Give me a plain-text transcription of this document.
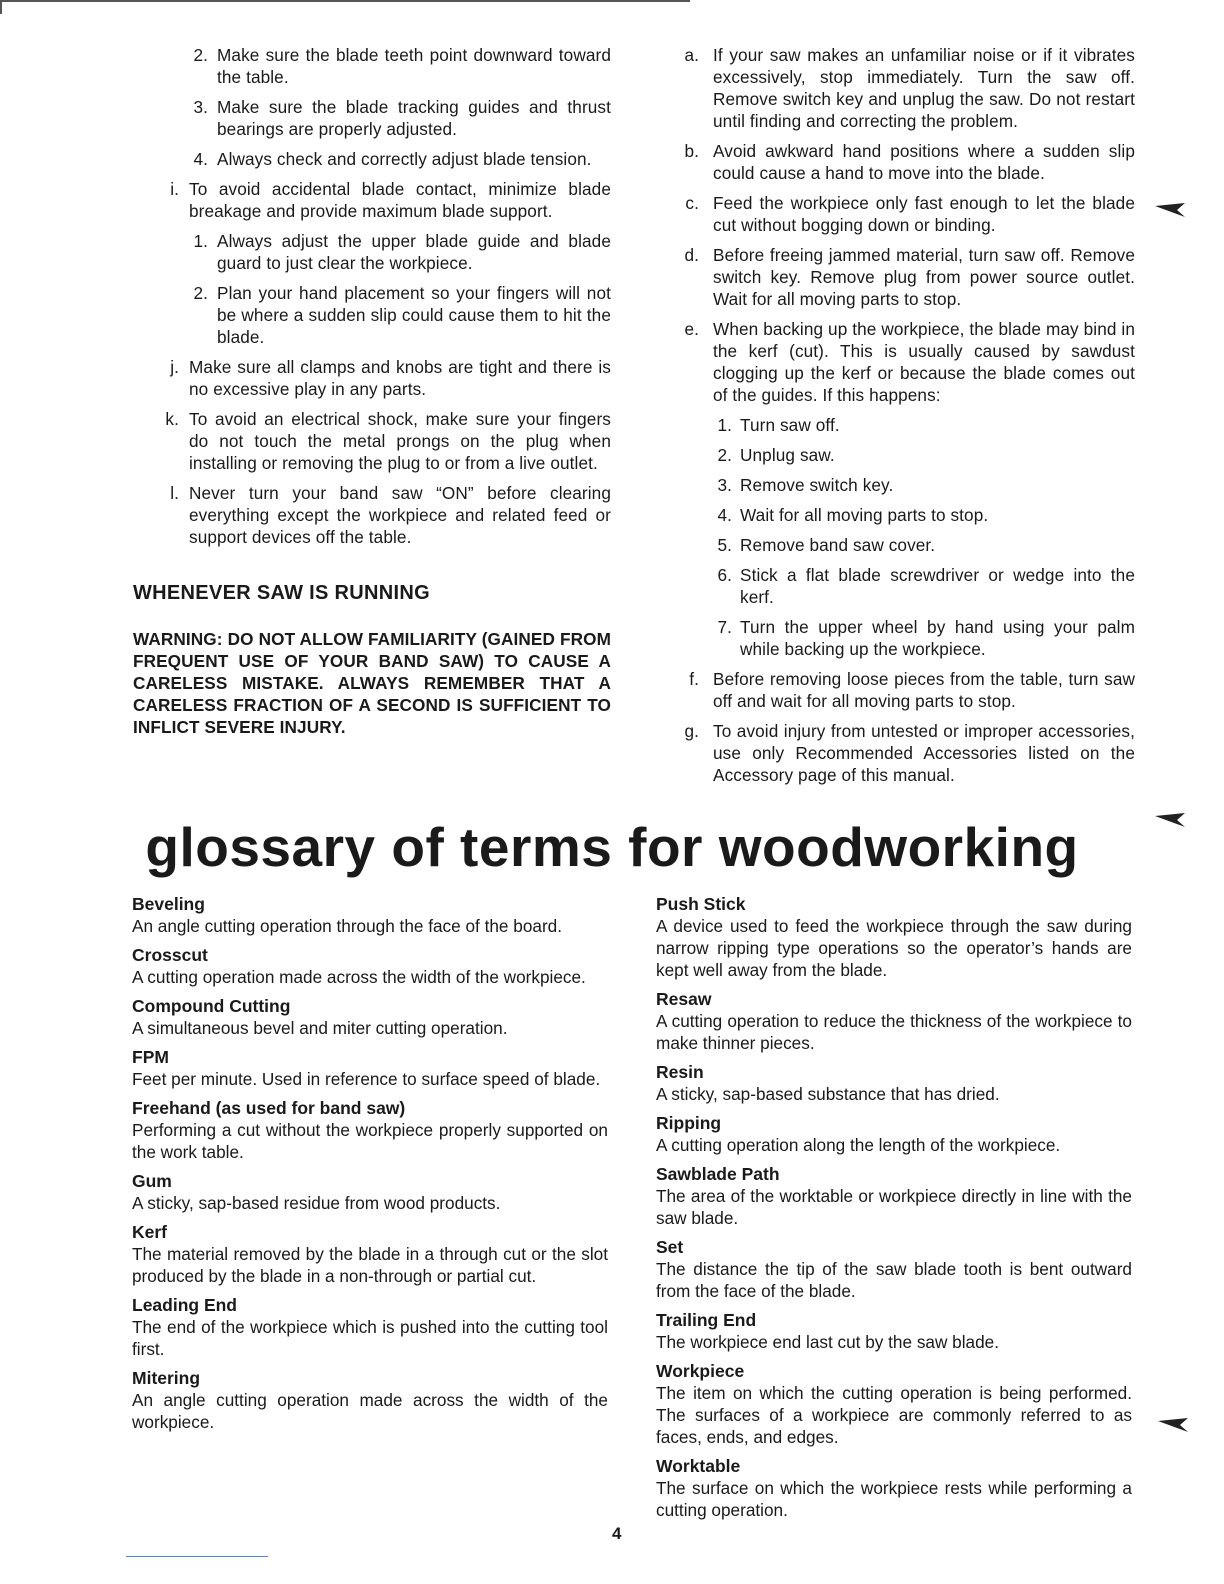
2. Make sure the blade teeth point downward toward the table.
3. Make sure the blade tracking guides and thrust bearings are properly adjusted.
4. Always check and correctly adjust blade tension.
i. To avoid accidental blade contact, minimize blade breakage and provide maximum blade support.
1. Always adjust the upper blade guide and blade guard to just clear the workpiece.
2. Plan your hand placement so your fingers will not be where a sudden slip could cause them to hit the blade.
j. Make sure all clamps and knobs are tight and there is no excessive play in any parts.
k. To avoid an electrical shock, make sure your fingers do not touch the metal prongs on the plug when installing or removing the plug to or from a live outlet.
l. Never turn your band saw “ON” before clearing everything except the workpiece and related feed or support devices off the table.
WHENEVER SAW IS RUNNING
WARNING: DO NOT ALLOW FAMILIARITY (GAINED FROM FREQUENT USE OF YOUR BAND SAW) TO CAUSE A CARELESS MISTAKE. ALWAYS REMEMBER THAT A CARELESS FRACTION OF A SECOND IS SUFFICIENT TO INFLICT SEVERE INJURY.
a. If your saw makes an unfamiliar noise or if it vibrates excessively, stop immediately. Turn the saw off. Remove switch key and unplug the saw. Do not restart until finding and correcting the problem.
b. Avoid awkward hand positions where a sudden slip could cause a hand to move into the blade.
c. Feed the workpiece only fast enough to let the blade cut without bogging down or binding.
d. Before freeing jammed material, turn saw off. Remove switch key. Remove plug from power source outlet. Wait for all moving parts to stop.
e. When backing up the workpiece, the blade may bind in the kerf (cut). This is usually caused by sawdust clogging up the kerf or because the blade comes out of the guides. If this happens:
1. Turn saw off.
2. Unplug saw.
3. Remove switch key.
4. Wait for all moving parts to stop.
5. Remove band saw cover.
6. Stick a flat blade screwdriver or wedge into the kerf.
7. Turn the upper wheel by hand using your palm while backing up the workpiece.
f. Before removing loose pieces from the table, turn saw off and wait for all moving parts to stop.
g. To avoid injury from untested or improper accessories, use only Recommended Accessories listed on the Accessory page of this manual.
glossary of terms for woodworking
Beveling
An angle cutting operation through the face of the board.
Crosscut
A cutting operation made across the width of the workpiece.
Compound Cutting
A simultaneous bevel and miter cutting operation.
FPM
Feet per minute. Used in reference to surface speed of blade.
Freehand (as used for band saw)
Performing a cut without the workpiece properly supported on the work table.
Gum
A sticky, sap-based residue from wood products.
Kerf
The material removed by the blade in a through cut or the slot produced by the blade in a non-through or partial cut.
Leading End
The end of the workpiece which is pushed into the cutting tool first.
Mitering
An angle cutting operation made across the width of the workpiece.
Push Stick
A device used to feed the workpiece through the saw during narrow ripping type operations so the operator’s hands are kept well away from the blade.
Resaw
A cutting operation to reduce the thickness of the workpiece to make thinner pieces.
Resin
A sticky, sap-based substance that has dried.
Ripping
A cutting operation along the length of the workpiece.
Sawblade Path
The area of the worktable or workpiece directly in line with the saw blade.
Set
The distance the tip of the saw blade tooth is bent outward from the face of the blade.
Trailing End
The workpiece end last cut by the saw blade.
Workpiece
The item on which the cutting operation is being performed. The surfaces of a workpiece are commonly referred to as faces, ends, and edges.
Worktable
The surface on which the workpiece rests while performing a cutting operation.
4
